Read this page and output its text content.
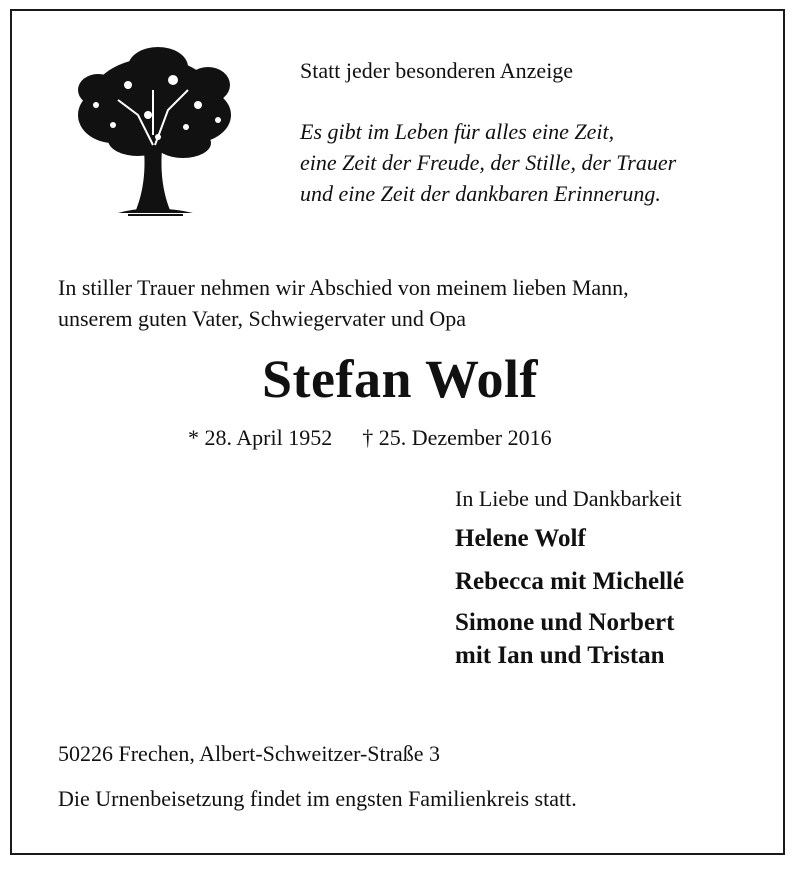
Statt jeder besonderen Anzeige
Es gibt im Leben für alles eine Zeit,
eine Zeit der Freude, der Stille, der Trauer
und eine Zeit der dankbaren Erinnerung.
In stiller Trauer nehmen wir Abschied von meinem lieben Mann,
unserem guten Vater, Schwiegervater und Opa
Stefan Wolf
* 28. April 1952 † 25. Dezember 2016
In Liebe und Dankbarkeit
Helene Wolf
Rebecca mit Michellé
Simone und Norbert
mit Ian und Tristan
50226 Frechen, Albert-Schweitzer-Straße 3
Die Urnenbeisetzung findet im engsten Familienkreis statt.
